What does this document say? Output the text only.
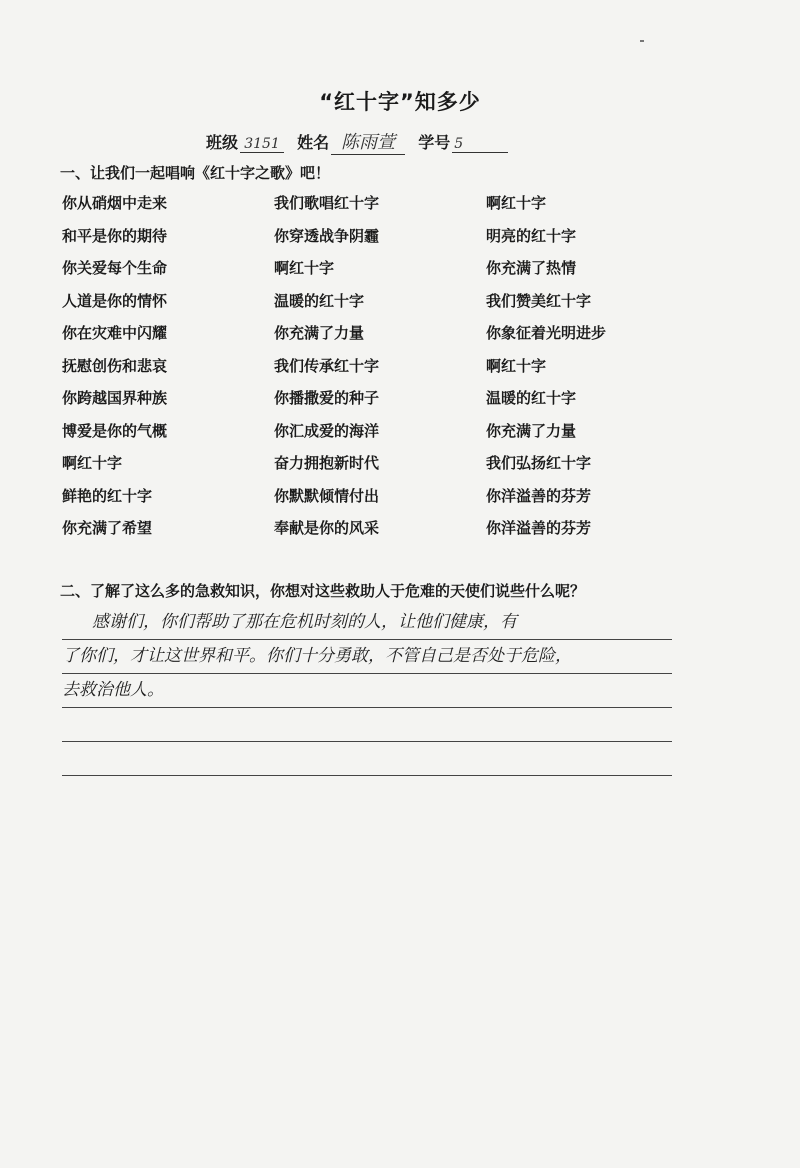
“红十字”知多少
班级 3151 姓名 陈雨萱 学号 5
一、让我们一起唱响《红十字之歌》吧！
你从硝烟中走来	我们歌唱红十字	啊红十字
和平是你的期待	你穿透战争阴霾	明亮的红十字
你关爱每个生命	啊红十字	你充满了热情
人道是你的情怀	温暖的红十字	我们赞美红十字
你在灾难中闪耀	你充满了力量	你象征着光明进步
抚慰创伤和悲哀	我们传承红十字	啊红十字
你跨越国界种族	你播撒爱的种子	温暖的红十字
博爱是你的气概	你汇成爱的海洋	你充满了力量
啊红十字	奋力拥抱新时代	我们弘扬红十字
鲜艳的红十字	你默默倾情付出	你洋溢善的芬芳
你充满了希望	奉献是你的风采	你洋溢善的芬芳
二、了解了这么多的急救知识，你想对这些救助人于危难的天使们说些什么呢？
感谢们，你们帮助了那在危机时刻的人，让他们健康，有
了你们，才让这世界和平。你们十分勇敢，不管自己是否处于危险，
去救治他人。
